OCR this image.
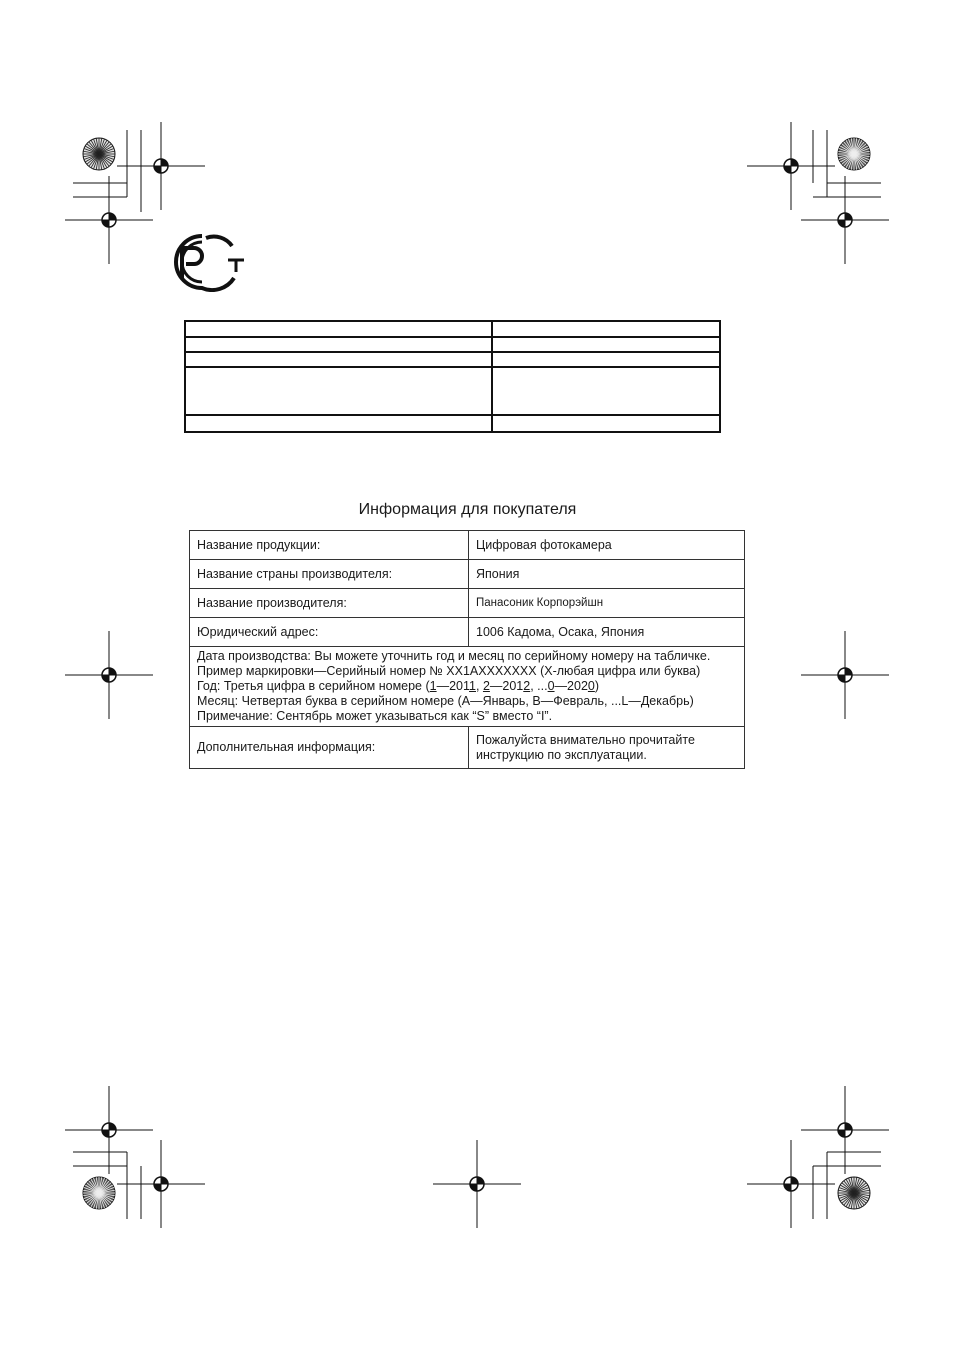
Информация для покупателя
Название продукции:	Цифровая фотокамера
Название страны производителя:	Япония
Название производителя:	Панасоник Корпорэйшн
Юридический адрес:	1006 Кадома, Осака, Япония

Дата производства: Вы можете уточнить год и месяц по серийному номеру на табличке.
Пример маркировки—Серийный номер № XX1AXXXXXXX (X-любая цифра или буква)
Год: Третья цифра в серийном номере (1—2011, 2—2012, ...0—2020)
Месяц: Четвертая буква в серийном номере (A—Январь, B—Февраль, ...L—Декабрь)
Примечание: Сентябрь может указываться как “S” вместо “I”.	

Дополнительная информация:	Пожалуйста внимательно прочитайте
инструкцию по эксплуатации.
